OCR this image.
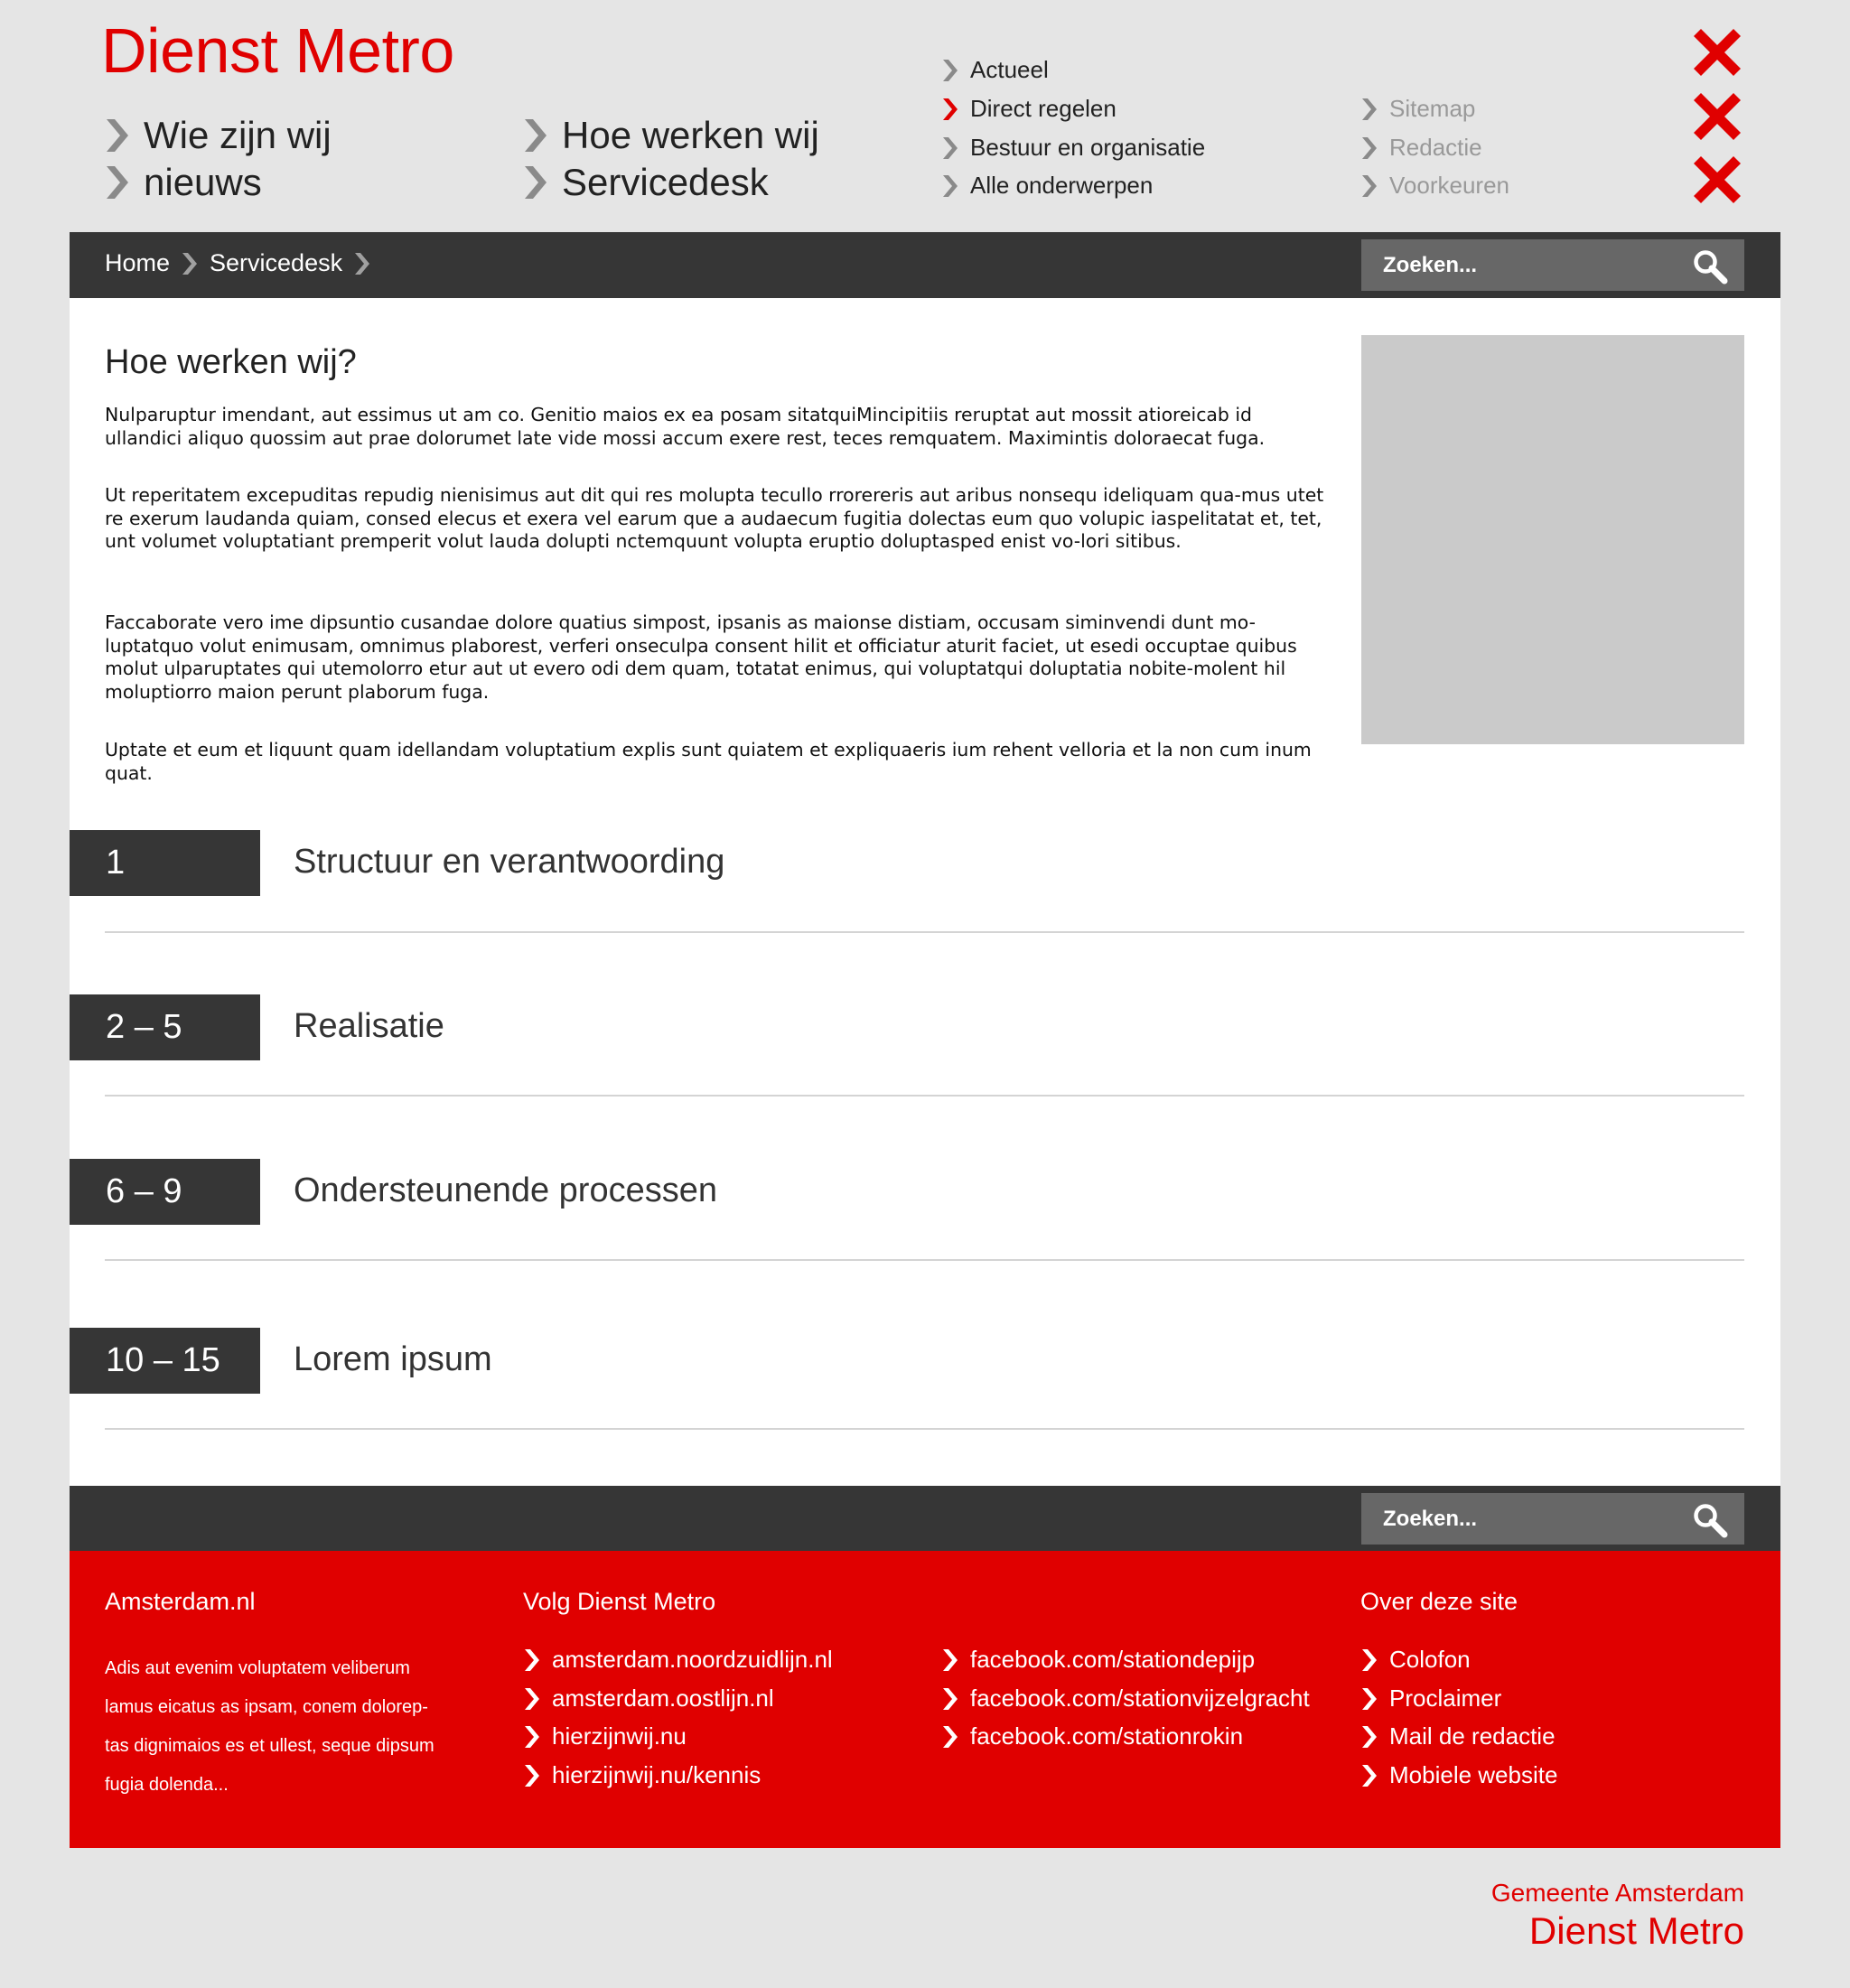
Dienst Metro
Wie zijn wij
nieuws
Hoe werken wij
Servicedesk
Actueel
Direct regelen
Bestuur en organisatie
Alle onderwerpen
Sitemap
Redactie
Voorkeuren
Home Servicedesk
Zoeken...
Hoe werken wij?
Nulparuptur imendant, aut essimus ut am co. Genitio maios ex ea posam sitatquiMincipitiis reruptat aut mossit atioreicab id ullandici aliquo quossim aut prae dolorumet late vide mossi accum exere rest, teces remquatem. Maximintis doloraecat fuga.
Ut reperitatem excepuditas repudig nienisimus aut dit qui res molupta tecullo rrorereris aut aribus nonsequ ideliquam qua-mus utet re exerum laudanda quiam, consed elecus et exera vel earum que a audaecum fugitia dolectas eum quo volupic iaspelitatat et, tet, unt volumet voluptatiant premperit volut lauda dolupti nctemquunt volupta eruptio doluptasped enist vo-lori sitibus.
Faccaborate vero ime dipsuntio cusandae dolore quatius simpost, ipsanis as maionse distiam, occusam siminvendi dunt mo-luptatquo volut enimusam, omnimus plaborest, verferi onseculpa consent hilit et officiatur aturit faciet, ut esedi occuptae quibus molut ulparuptates qui utemolorro etur aut ut evero odi dem quam, totatat enimus, qui voluptatqui doluptatia nobite-molent hil moluptiorro maion perunt plaborum fuga.
Uptate et eum et liquunt quam idellandam voluptatium explis sunt quiatem et expliquaeris ium rehent velloria et la non cum inum quat.
1	Structuur en verantwoording
2 – 5	Realisatie
6 – 9	Ondersteunende processen
10 – 15	Lorem ipsum
Zoeken...
Amsterdam.nl
Adis aut evenim voluptatem veliberum
lamus eicatus as ipsam, conem dolorep-
tas dignimaios es et ullest, seque dipsum
fugia dolenda...
Volg Dienst Metro
amsterdam.noordzuidlijn.nl
amsterdam.oostlijn.nl
hierzijnwij.nu
hierzijnwij.nu/kennis
facebook.com/stationdepijp
facebook.com/stationvijzelgracht
facebook.com/stationrokin
Over deze site
Colofon
Proclaimer
Mail de redactie
Mobiele website
Gemeente Amsterdam
Dienst Metro
